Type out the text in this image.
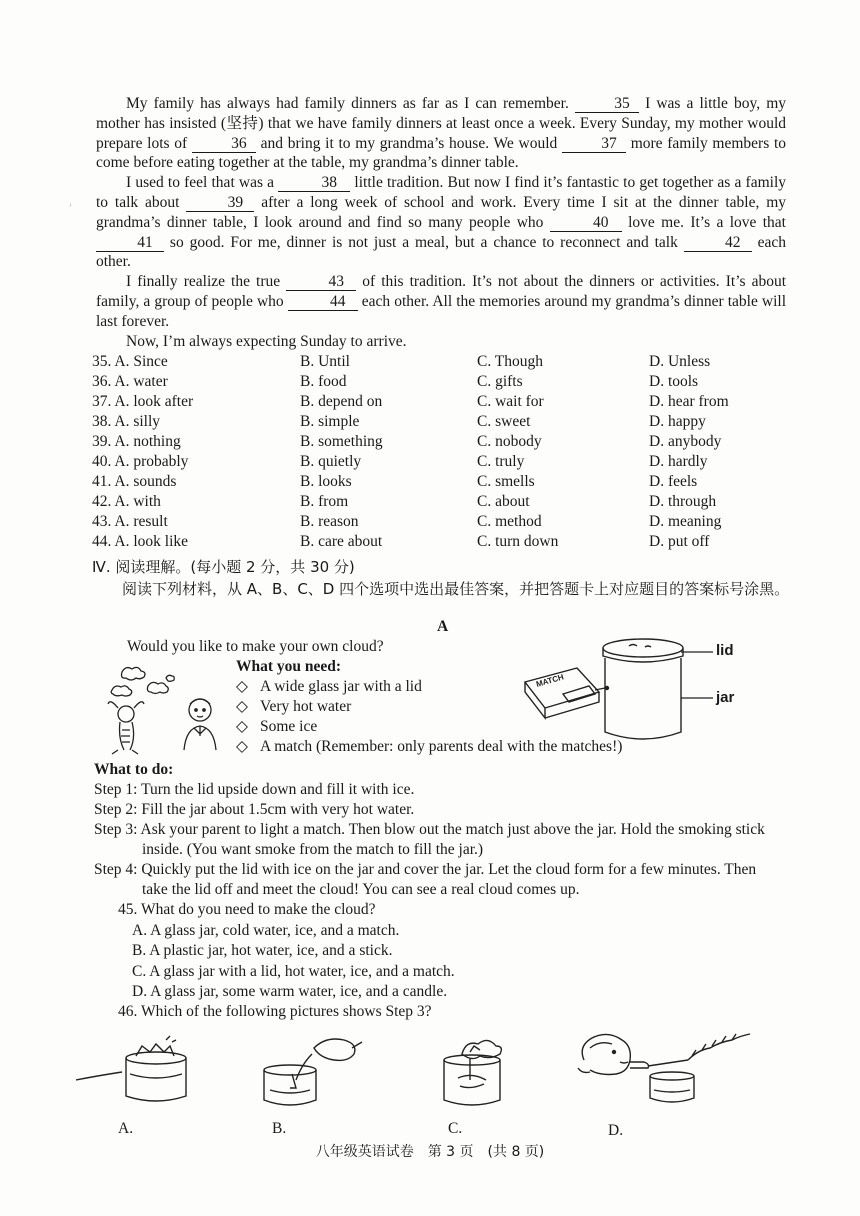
'

My family has always had family dinners as far as I can remember.	35 I was a little boy, my mother has insisted (坚持) that we have family dinners at least once a week. Every Sunday, my mother would prepare lots of	36 and bring it to my grandma’s house. We would	37 more family members to come before eating together at the table, my grandma’s dinner table.

I used to feel that was a	38 little tradition. But now I find it’s fantastic to get together as a family to talk about	39 after a long week of school and work. Every time I sit at the dinner table, my grandma’s dinner table, I look around and find so many people who	40 love me. It’s a love that 41 so good. For me, dinner is not just a meal, but a chance to reconnect and talk	42 each other.

I finally realize the true	43 of this tradition. It’s not about the dinners or activities. It’s about family, a group of people who	44 each other. All the memories around my grandma’s dinner table will last forever.

Now, I’m always expecting Sunday to arrive.

35. A. Since	B. Until	C. Though	D. Unless
36. A. water	B. food	C. gifts	D. tools
37. A. look after	B. depend on	C. wait for	D. hear from
38. A. silly	B. simple	C. sweet	D. happy
39. A. nothing	B. something	C. nobody	D. anybody
40. A. probably	B. quietly	C. truly	D. hardly
41. A. sounds	B. looks	C. smells	D. feels
42. A. with	B. from	C. about	D. through
43. A. result	B. reason	C. method	D. meaning
44. A. look like	B. care about	C. turn down	D. put off

Ⅳ. 阅读理解。(每小题 2 分，共 30 分)

阅读下列材料，从 A、B、C、D 四个选项中选出最佳答案，并把答题卡上对应题目的答案标号涂黑。

A
Would you like to make your own cloud?
What you need:
◇ A wide glass jar with a lid
◇ Very hot water
◇ Some ice
◇ A match (Remember: only parents deal with the matches!)
MATCH
lid
jar
What to do:

Step 1: Turn the lid upside down and fill it with ice.

Step 2: Fill the jar about 1.5cm with very hot water.

Step 3: Ask your parent to light a match. Then blow out the match just above the jar. Hold the smoking stick inside. (You want smoke from the match to fill the jar.)

Step 4: Quickly put the lid with ice on the jar and cover the jar. Let the cloud form for a few minutes. Then take the lid off and meet the cloud! You can see a real cloud comes up.

45. What do you need to make the cloud?
A. A glass jar, cold water, ice, and a match.
B. A plastic jar, hot water, ice, and a stick.
C. A glass jar with a lid, hot water, ice, and a match.
D. A glass jar, some warm water, ice, and a candle.
46. Which of the following pictures shows Step 3?
A.	B.	C.	D.
八年级英语试卷　第 3 页　(共 8 页)
